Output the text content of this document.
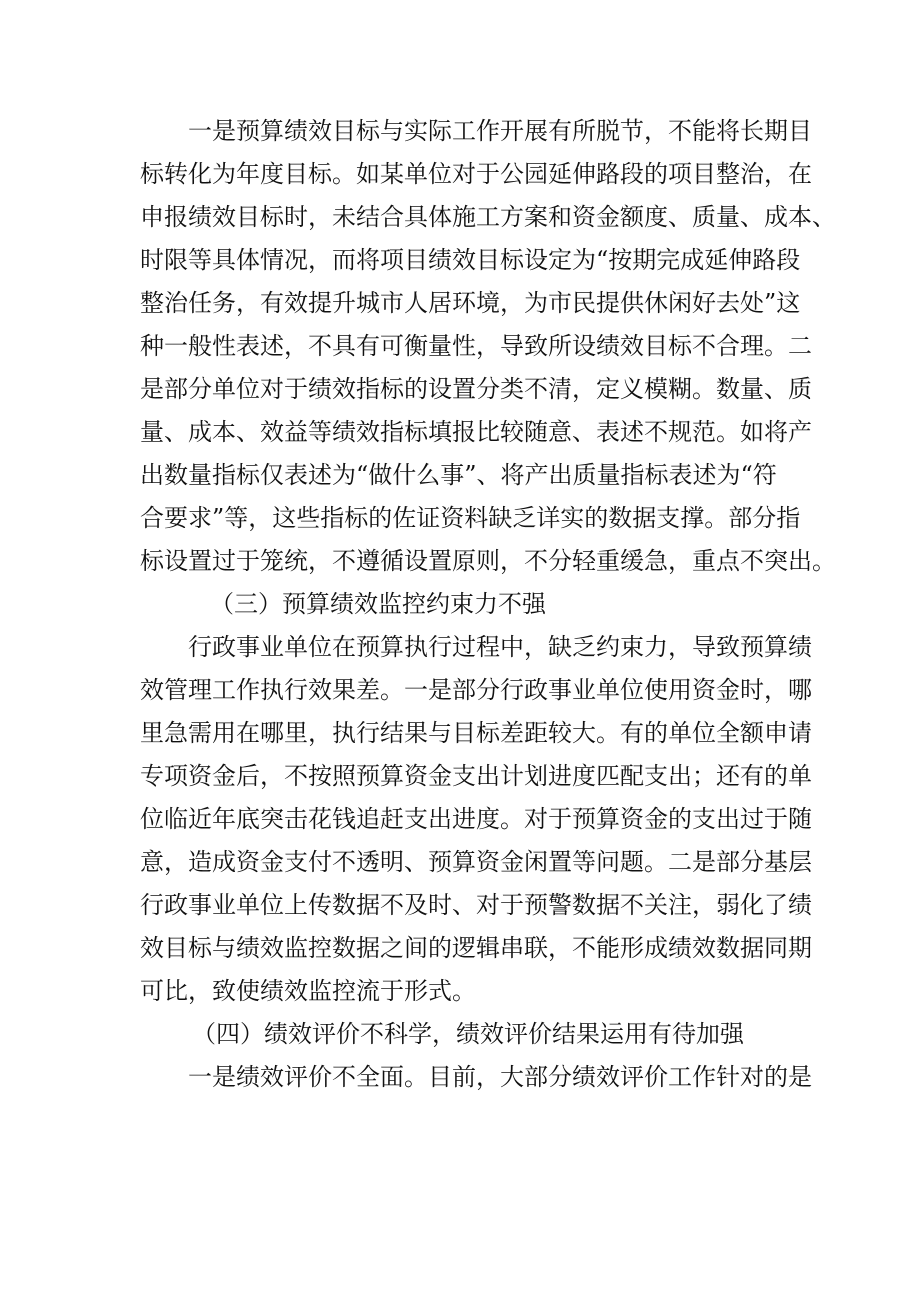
一是预算绩效目标与实际工作开展有所脱节，不能将长期目
标转化为年度目标。如某单位对于公园延伸路段的项目整治，在
申报绩效目标时，未结合具体施工方案和资金额度、质量、成本、
时限等具体情况，而将项目绩效目标设定为“按期完成延伸路段
整治任务，有效提升城市人居环境，为市民提供休闲好去处”这
种一般性表述，不具有可衡量性，导致所设绩效目标不合理。二
是部分单位对于绩效指标的设置分类不清，定义模糊。数量、质
量、成本、效益等绩效指标填报比较随意、表述不规范。如将产
出数量指标仅表述为“做什么事”、将产出质量指标表述为“符
合要求”等，这些指标的佐证资料缺乏详实的数据支撑。部分指
标设置过于笼统，不遵循设置原则，不分轻重缓急，重点不突出。
（三）预算绩效监控约束力不强
行政事业单位在预算执行过程中，缺乏约束力，导致预算绩
效管理工作执行效果差。一是部分行政事业单位使用资金时，哪
里急需用在哪里，执行结果与目标差距较大。有的单位全额申请
专项资金后，不按照预算资金支出计划进度匹配支出；还有的单
位临近年底突击花钱追赶支出进度。对于预算资金的支出过于随
意，造成资金支付不透明、预算资金闲置等问题。二是部分基层
行政事业单位上传数据不及时、对于预警数据不关注，弱化了绩
效目标与绩效监控数据之间的逻辑串联，不能形成绩效数据同期
可比，致使绩效监控流于形式。
（四）绩效评价不科学，绩效评价结果运用有待加强
一是绩效评价不全面。目前，大部分绩效评价工作针对的是
